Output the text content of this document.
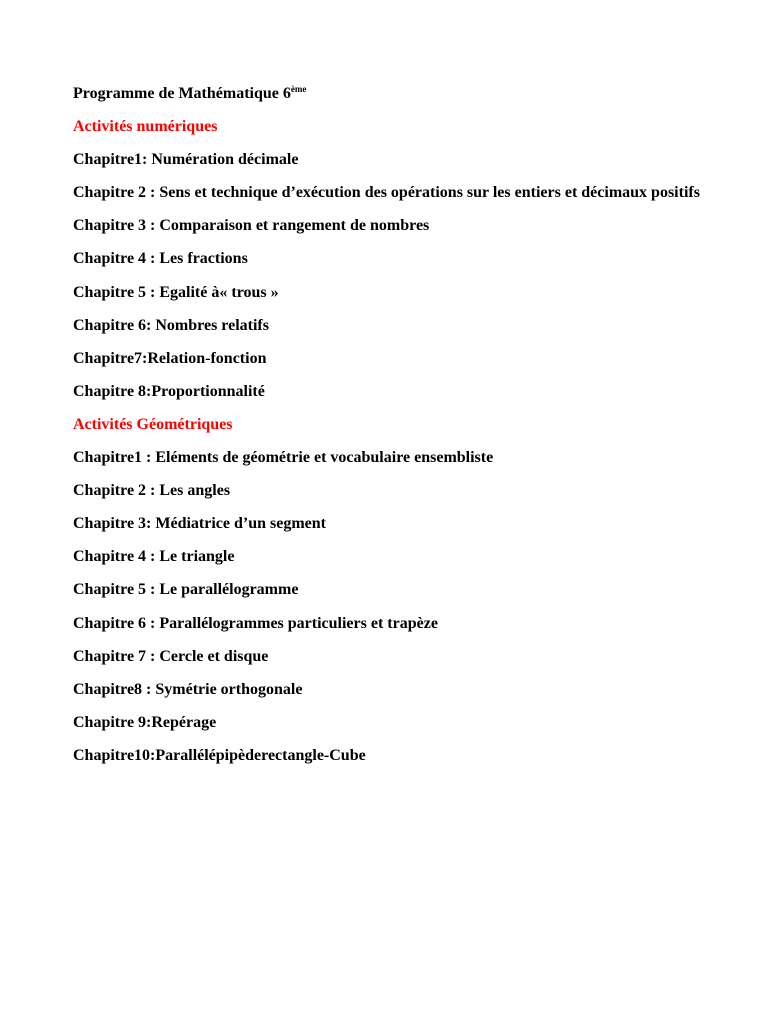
Programme de Mathématique 6ème
Activités numériques
Chapitre1: Numération décimale
Chapitre 2 : Sens et technique d’exécution des opérations sur les entiers et décimaux positifs
Chapitre 3 : Comparaison et rangement de nombres
Chapitre 4 : Les fractions
Chapitre 5 : Egalité à« trous »
Chapitre 6: Nombres relatifs
Chapitre7:Relation-fonction
Chapitre 8:Proportionnalité
Activités Géométriques
Chapitre1 : Eléments de géométrie et vocabulaire ensembliste
Chapitre 2 : Les angles
Chapitre 3: Médiatrice d’un segment
Chapitre 4 : Le triangle
Chapitre 5 : Le parallélogramme
Chapitre 6 : Parallélogrammes particuliers et trapèze
Chapitre 7 : Cercle et disque
Chapitre8 : Symétrie orthogonale
Chapitre 9:Repérage
Chapitre10:Parallélépipèderectangle-Cube
